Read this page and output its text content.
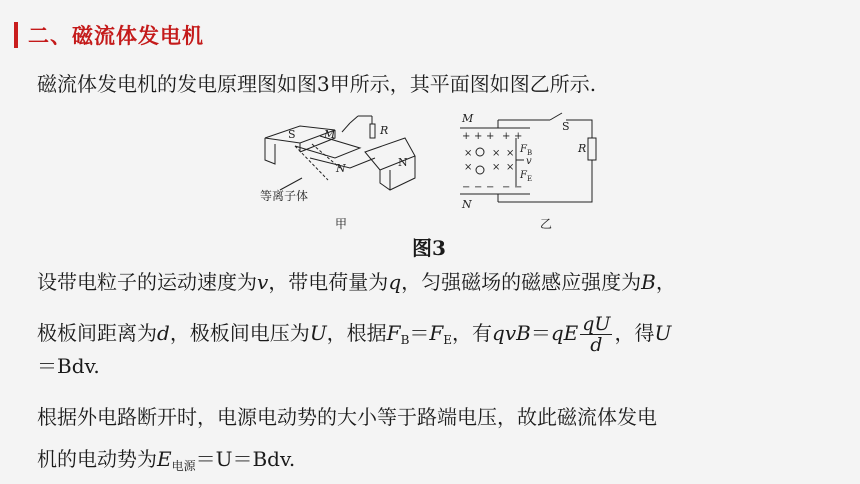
二、磁流体发电机
磁流体发电机的发电原理图如图3甲所示，其平面图如图乙所示.
S	M
N	N
R
等离子体
甲
M
N
S
R
+ + + + +
× × ×
× × ×
− − − − −
F B
v
F E
乙
图3
设带电粒子的运动速度为v，带电荷量为q，匀强磁场的磁感应强度为B，
极板间距离为d，极板间电压为U，根据$F_B=F_E$，有$qvB=qE \frac{qU}{d}$ ，得U
＝Bdv.
根据外电路断开时，电源电动势的大小等于路端电压，故此磁流体发电
机的电动势为$E_{电源}=U=Bdv$.
